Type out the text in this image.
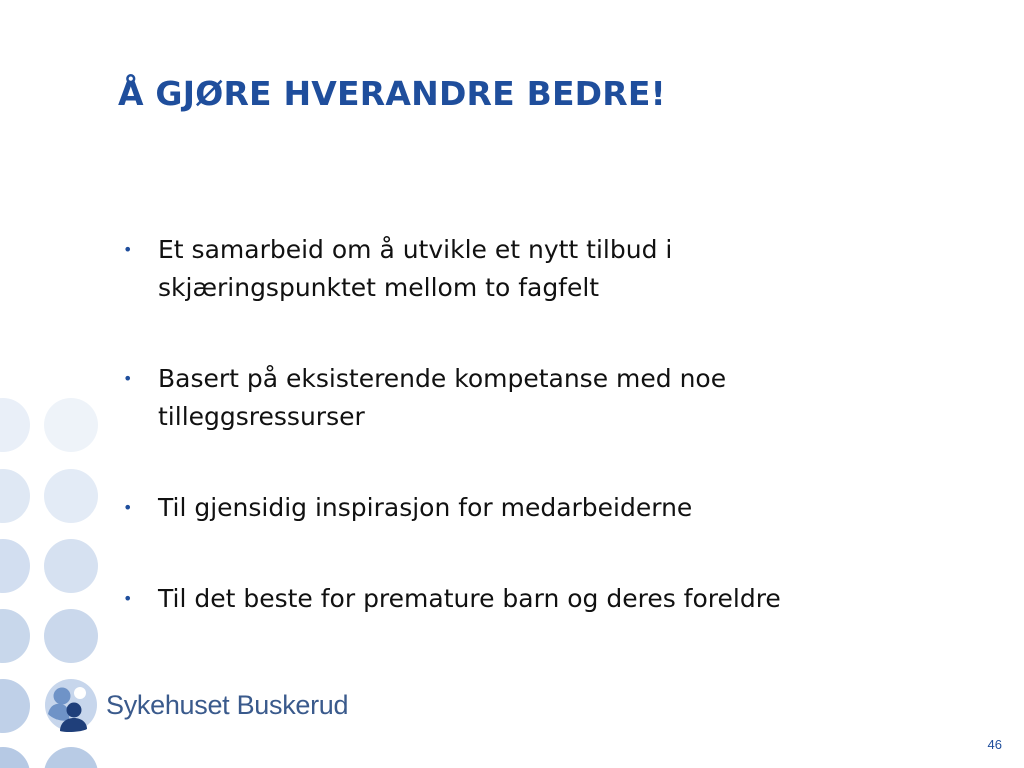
Å GJØRE HVERANDRE BEDRE!
• Et samarbeid om å utvikle et nytt tilbud i skjæringspunktet mellom to fagfelt
• Basert på eksisterende kompetanse med noe tilleggsressurser
• Til gjensidig inspirasjon for medarbeiderne
• Til det beste for premature barn og deres foreldre
Sykehuset Buskerud
46
